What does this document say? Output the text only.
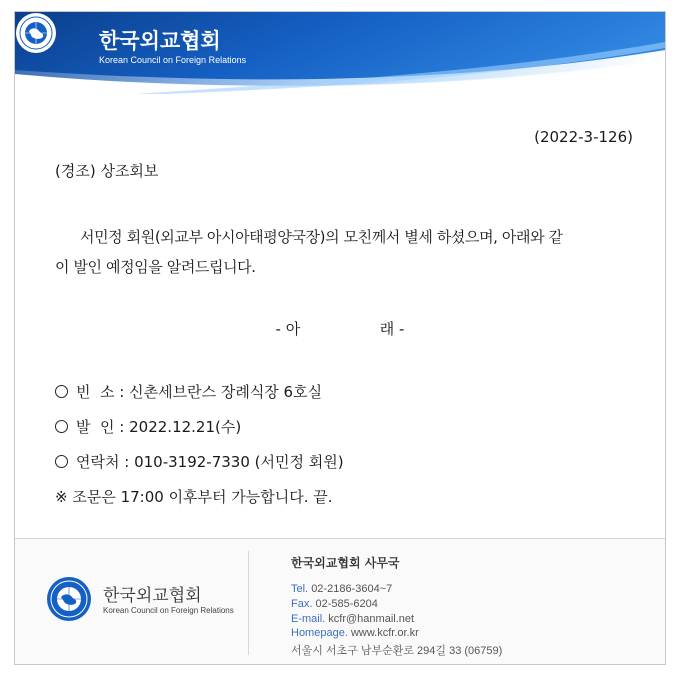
한국외교협회
Korean Council on Foreign Relations
(2022-3-126)
(경조) 상조회보
서민정 회원(외교부 아시아태평양국장)의 모친께서 별세 하셨으며, 아래와 같
이 발인 예정임을 알려드립니다.
- 아	래 -
빈  소 : 신촌세브란스 장례식장 6호실
발  인 : 2022.12.21(수)
연락처 : 010-3192-7330 (서민정 회원)
※ 조문은 17:00 이후부터 가능합니다. 끝.
한국외교협회
Korean Council on Foreign Relations
한국외교협회 사무국
Tel. 02-2186-3604~7
Fax. 02-585-6204
E-mail. kcfr@hanmail.net
Homepage. www.kcfr.or.kr
서울시 서초구 남부순환로 294길 33 (06759)
